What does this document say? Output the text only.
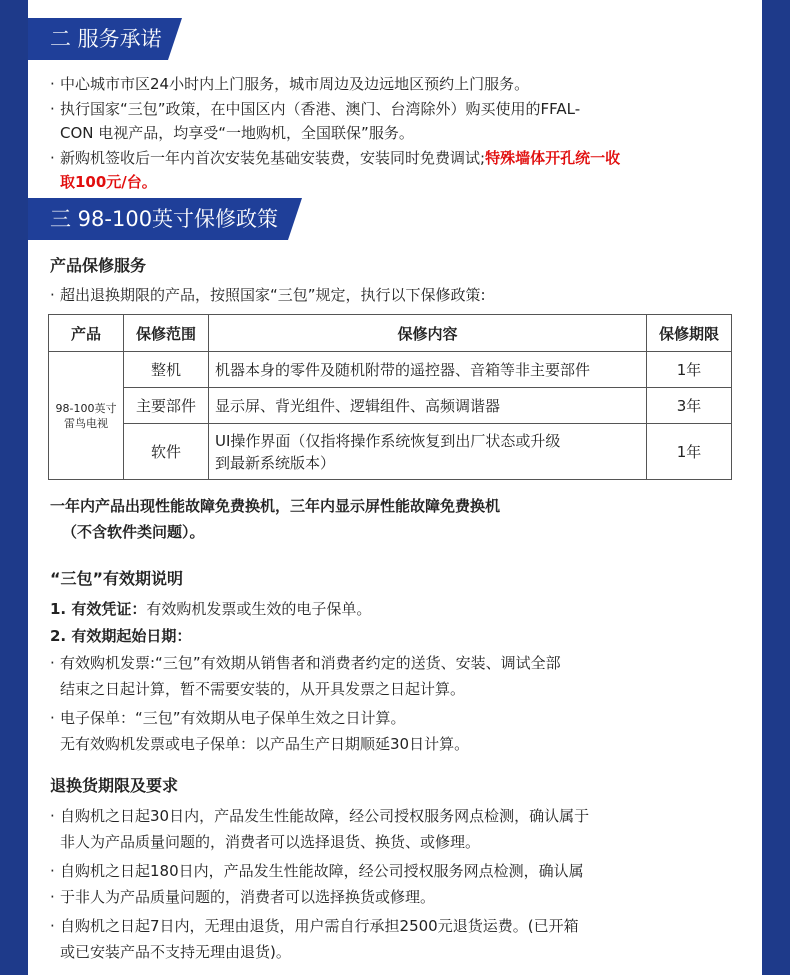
二 服务承诺
· 中心城市市区24小时内上门服务，城市周边及边远地区预约上门服务。
· 执行国家“三包”政策，在中国区内（香港、澳门、台湾除外）购买使用的FFAL-
CON 电视产品，均享受“一地购机，全国联保”服务。
· 新购机签收后一年内首次安装免基础安装费，安装同时免费调试;特殊墙体开孔统一收
取100元/台。
三 98-100英寸保修政策
产品保修服务
· 超出退换期限的产品，按照国家“三包”规定，执行以下保修政策:
产品	保修范围	保修内容	保修期限

98-100英寸
雷鸟电视	整机	机器本身的零件及随机附带的遥控器、音箱等非主要部件	1年
	主要部件	显示屏、背光组件、逻辑组件、高频调谐器	3年
	软件	UI操作界面（仅指将操作系统恢复到出厂状态或升级
到最新系统版本）	1年
一年内产品出现性能故障免费换机，三年内显示屏性能故障免费换机
（不含软件类问题）。
“三包”有效期说明
1. 有效凭证：有效购机发票或生效的电子保单。
2. 有效期起始日期：
· 有效购机发票:“三包”有效期从销售者和消费者约定的送货、安装、调试全部
结束之日起计算，暂不需要安装的，从开具发票之日起计算。
· 电子保单：“三包”有效期从电子保单生效之日计算。
无有效购机发票或电子保单：以产品生产日期顺延30日计算。
退换货期限及要求
· 自购机之日起30日内，产品发生性能故障，经公司授权服务网点检测，确认属于
非人为产品质量问题的，消费者可以选择退货、换货、或修理。
· 自购机之日起180日内，产品发生性能故障，经公司授权服务网点检测，确认属
· 于非人为产品质量问题的，消费者可以选择换货或修理。
· 自购机之日起7日内，无理由退货，用户需自行承担2500元退货运费。(已开箱
或已安装产品不支持无理由退货)。
